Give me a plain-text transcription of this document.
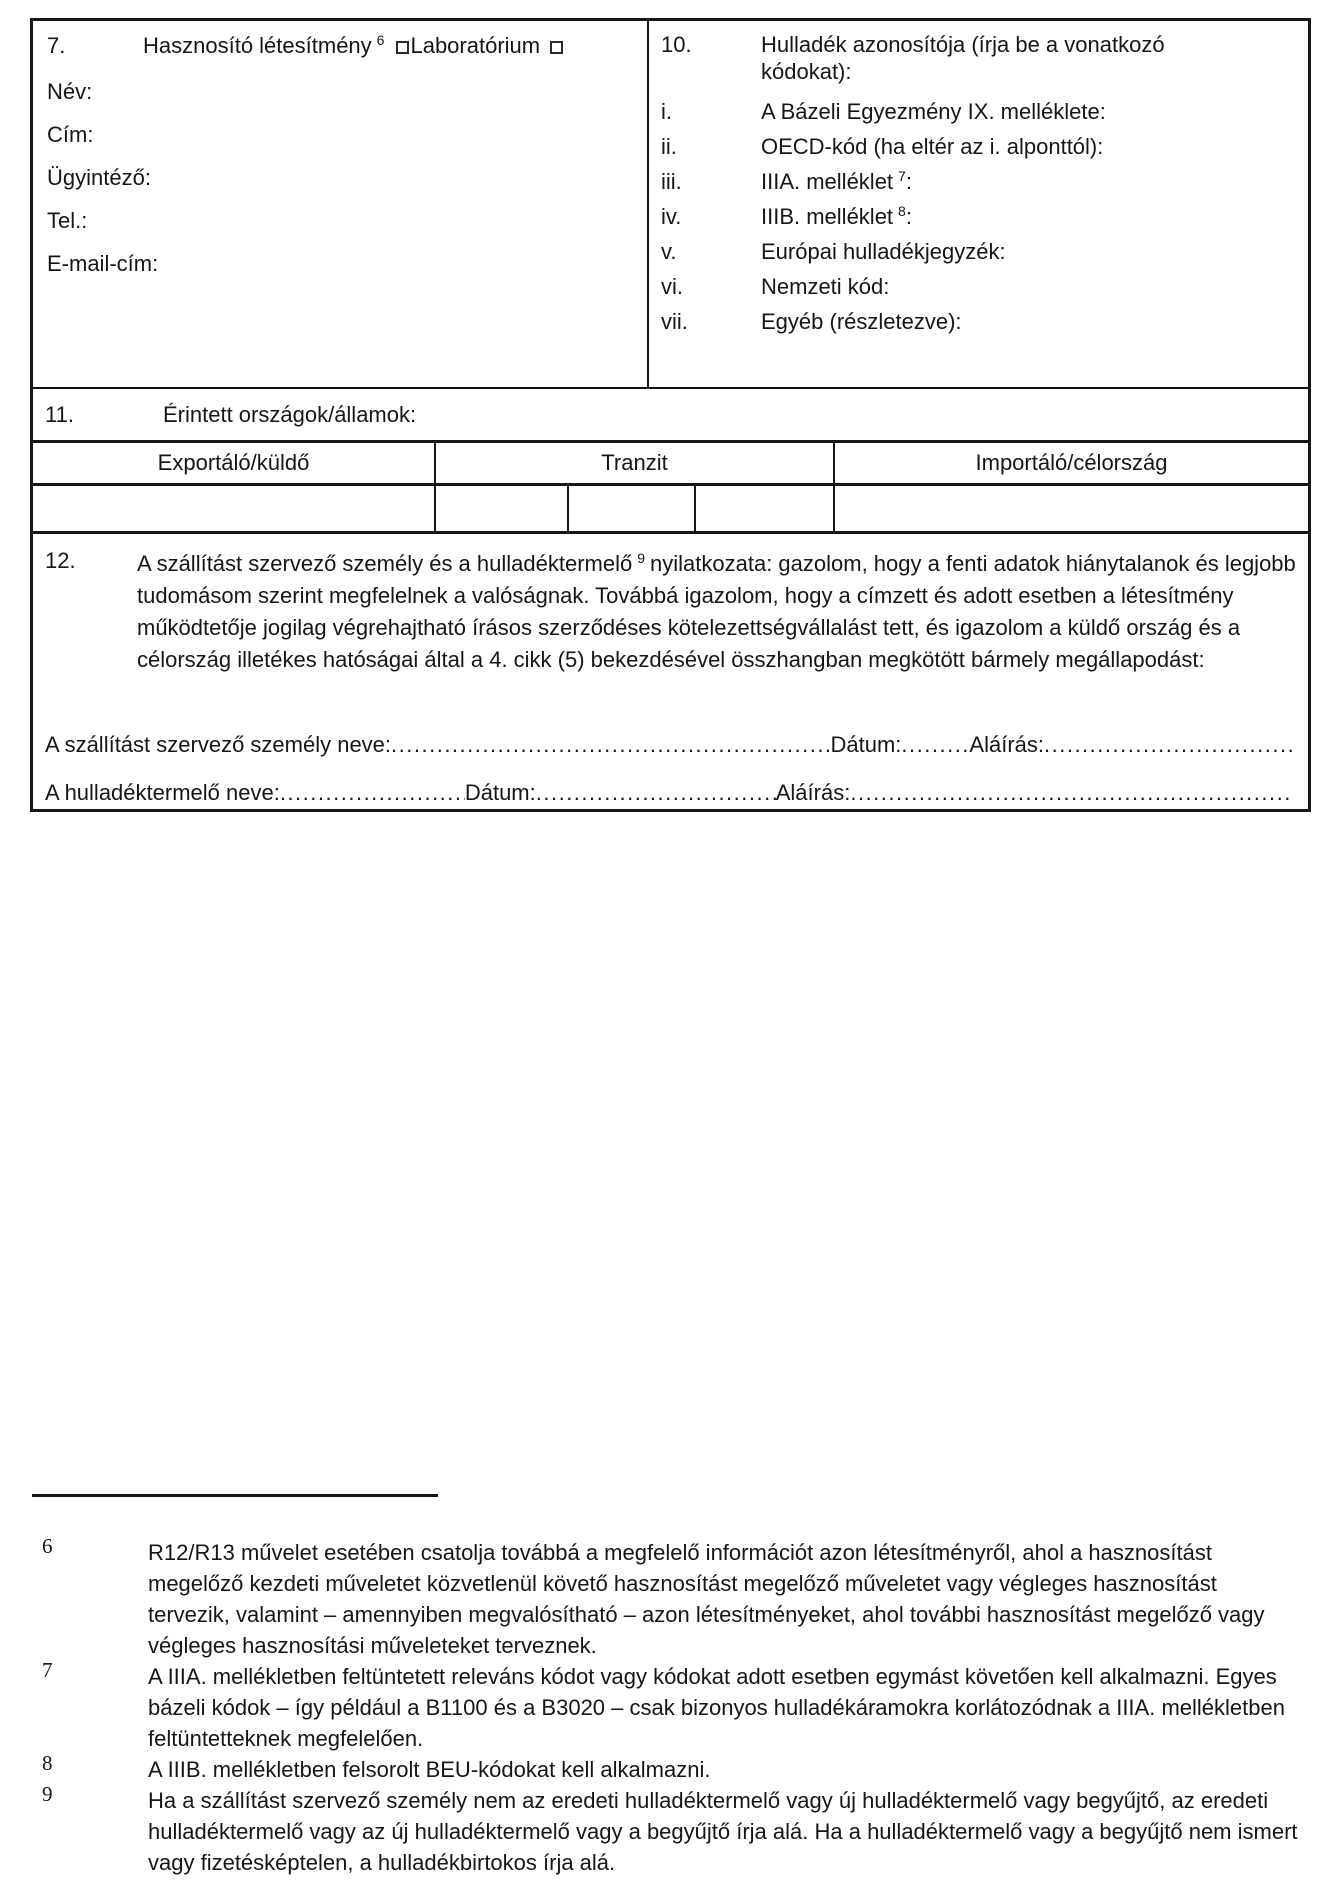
7.	Hasznosító létesítmény $^6$ Laboratórium
Név:
Cím:
Ügyintéző:
Tel.:
E-mail-cím:
10.	Hulladék azonosítója (írja be a vonatkozó kódokat):
i.	A Bázeli Egyezmény IX. melléklete:
ii.	OECD-kód (ha eltér az i. alponttól):
iii.	IIIA. melléklet $^7$:
iv.	IIIB. melléklet $^8$:
v.	Európai hulladékjegyzék:
vi.	Nemzeti kód:
vii.	Egyéb (részletezve):
11.	Érintett országok/államok:
Exportáló/küldő	Tranzit	Importáló/célország
12.	A szállítást szervező személy és a hulladéktermelő $^9$ nyilatkozata: gazolom, hogy a fenti adatok hiánytalanok és legjobb tudomásom szerint megfelelnek a valóságnak. Továbbá igazolom, hogy a címzett és adott esetben a létesítmény működtetője jogilag végrehajtható írásos szerződéses kötelezettségvállalást tett, és igazolom a küldő ország és a célország illetékes hatóságai által a 4. cikk (5) bekezdésével összhangban megkötött bármely megállapodást:
A szállítást szervező személy neve: .....	Dátum: .....	Aláírás:
.....
A hulladéktermelő neve: .....	Dátum: .....	Aláírás:
.....
6	R12/R13 művelet esetében csatolja továbbá a megfelelő információt azon létesítményről, ahol a hasznosítást megelőző kezdeti műveletet közvetlenül követő hasznosítást megelőző műveletet vagy végleges hasznosítást tervezik, valamint – amennyiben megvalósítható – azon létesítményeket, ahol további hasznosítást megelőző vagy végleges hasznosítási műveleteket terveznek.
7	A IIIA. mellékletben feltüntetett releváns kódot vagy kódokat adott esetben egymást követően kell alkalmazni. Egyes bázeli kódok – így például a B1100 és a B3020 – csak bizonyos hulladékáramokra korlátozódnak a IIIA. mellékletben feltüntetteknek megfelelően.
8	A IIIB. mellékletben felsorolt BEU-kódokat kell alkalmazni.
9	Ha a szállítást szervező személy nem az eredeti hulladéktermelő vagy új hulladéktermelő vagy begyűjtő, az eredeti hulladéktermelő vagy az új hulladéktermelő vagy a begyűjtő írja alá. Ha a hulladéktermelő vagy a begyűjtő nem ismert vagy fizetésképtelen, a hulladékbirtokos írja alá.
